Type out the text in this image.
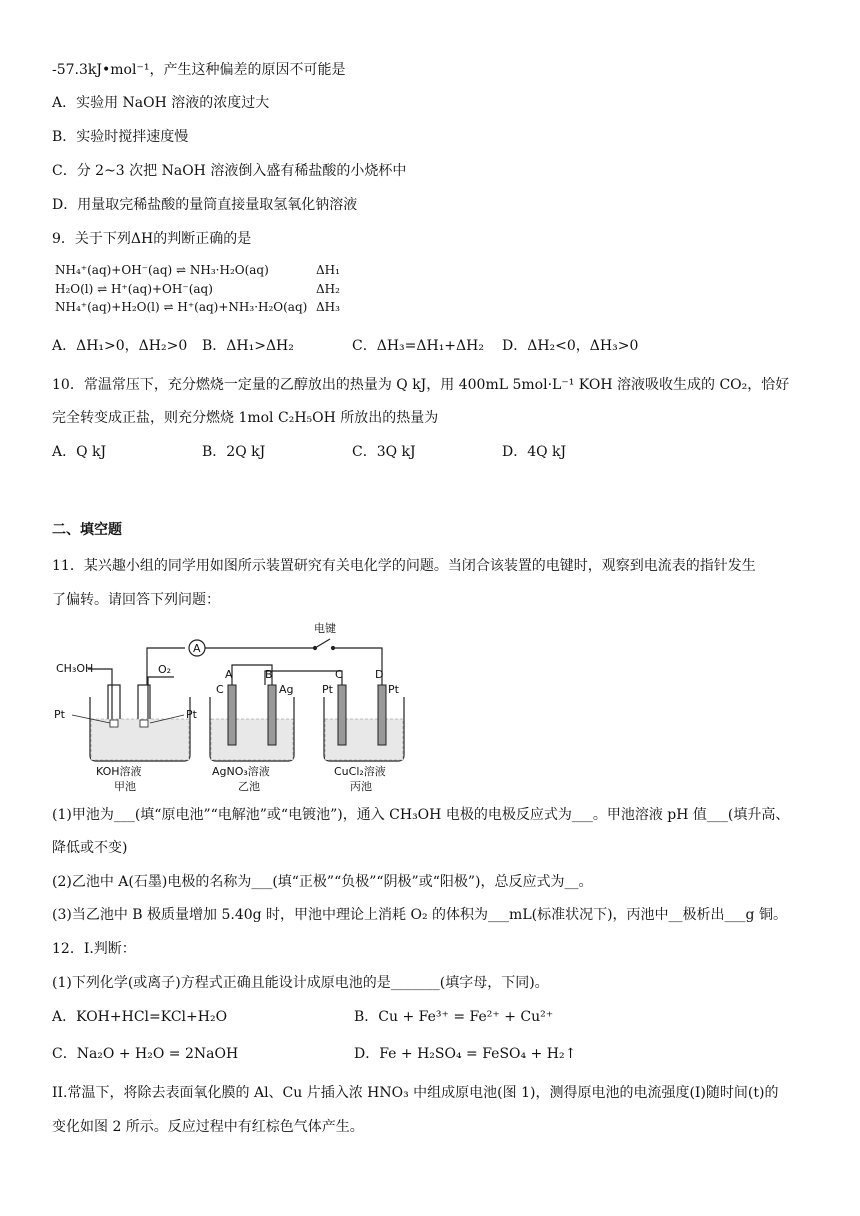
-57.3kJ•mol⁻¹，产生这种偏差的原因不可能是
A．实验用 NaOH 溶液的浓度过大
B．实验时搅拌速度慢
C．分 2~3 次把 NaOH 溶液倒入盛有稀盐酸的小烧杯中
D．用量取完稀盐酸的量筒直接量取氢氧化钠溶液
9．关于下列ΔH的判断正确的是
NH₄⁺(aq)+OH⁻(aq) ⇌ NH₃·H₂O(aq)	ΔH₁
H₂O(l) ⇌ H⁺(aq)+OH⁻(aq)	ΔH₂
NH₄⁺(aq)+H₂O(l) ⇌ H⁺(aq)+NH₃·H₂O(aq) ΔH₃
A．ΔH₁>0，ΔH₂>0 B．ΔH₁>ΔH₂	C．ΔH₃=ΔH₁+ΔH₂ D．ΔH₂<0，ΔH₃>0
10．常温常压下，充分燃烧一定量的乙醇放出的热量为 Q kJ，用 400mL 5mol·L⁻¹ KOH 溶液吸收生成的 CO₂，恰好
完全转变成正盐，则充分燃烧 1mol C₂H₅OH 所放出的热量为
A．Q kJ	B．2Q kJ	C．3Q kJ	D．4Q kJ
二、填空题
11．某兴趣小组的同学用如图所示装置研究有关电化学的问题。当闭合该装置的电键时，观察到电流表的指针发生
了偏转。请回答下列问题：
A
电键
CH₃OH	O₂	A	B	C	D
C	Ag	Pt	Pt
Pt	Pt
KOH溶液
甲池
AgNO₃溶液
乙池
CuCl₂溶液
丙池
(1)甲池为___(填“原电池”“电解池”或“电镀池”)，通入 CH₃OH 电极的电极反应式为___。甲池溶液 pH 值___(填升高、
降低或不变)
(2)乙池中 A(石墨)电极的名称为___(填“正极”“负极”“阴极”或“阳极”)，总反应式为__。
(3)当乙池中 B 极质量增加 5.40g 时，甲池中理论上消耗 O₂ 的体积为___mL(标准状况下)，丙池中__极析出___g 铜。
12．I.判断：
(1)下列化学(或离子)方程式正确且能设计成原电池的是_______(填字母，下同)。
A．KOH+HCl=KCl+H₂O	B．Cu + Fe³⁺ = Fe²⁺ + Cu²⁺
C．Na₂O + H₂O = 2NaOH	D．Fe + H₂SO₄ = FeSO₄ + H₂↑
II.常温下，将除去表面氧化膜的 Al、Cu 片插入浓 HNO₃ 中组成原电池(图 1)，测得原电池的电流强度(I)随时间(t)的
变化如图 2 所示。反应过程中有红棕色气体产生。
